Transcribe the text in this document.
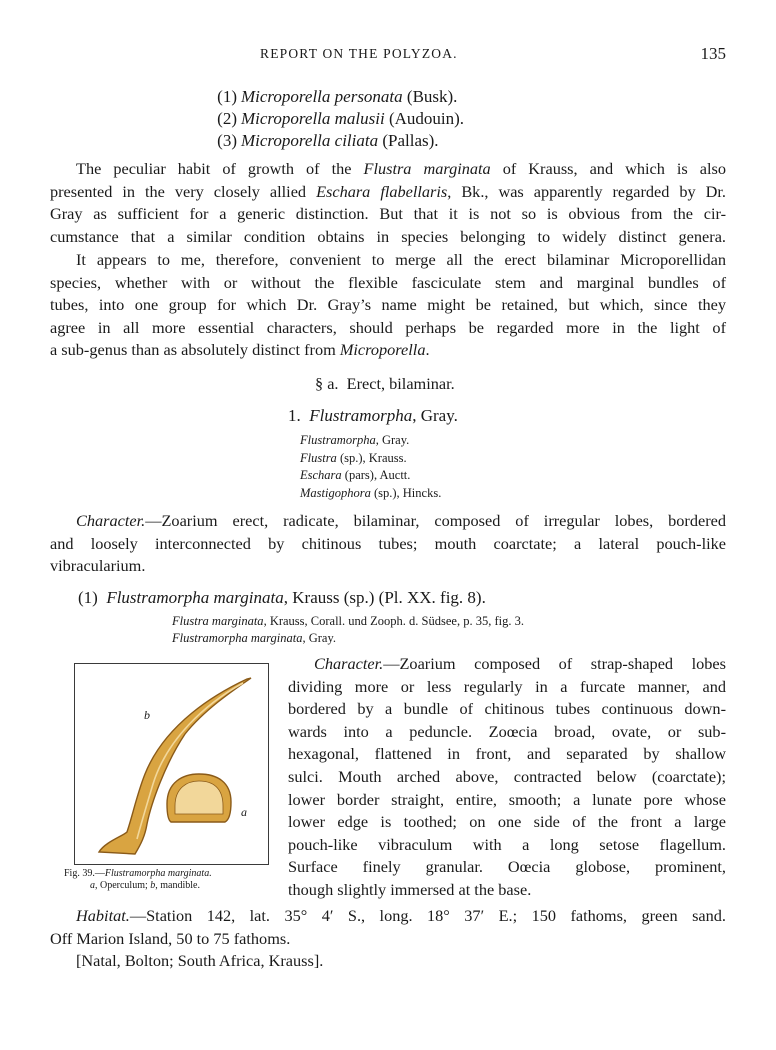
REPORT ON THE POLYZOA.	135
(1) Microporella personata (Busk).
(2) Microporella malusii (Audouin).
(3) Microporella ciliata (Pallas).
The peculiar habit of growth of the Flustra marginata of Krauss, and which is also
presented in the very closely allied Eschara flabellaris, Bk., was apparently regarded by Dr.
Gray as sufficient for a generic distinction. But that it is not so is obvious from the cir-
cumstance that a similar condition obtains in species belonging to widely distinct genera.
It appears to me, therefore, convenient to merge all the erect bilaminar Microporellidan
species, whether with or without the flexible fasciculate stem and marginal bundles of
tubes, into one group for which Dr. Gray’s name might be retained, but which, since they
agree in all more essential characters, should perhaps be regarded more in the light of
a sub-genus than as absolutely distinct from Microporella.
§ a. Erect, bilaminar.
1. Flustramorpha, Gray.
Flustramorpha, Gray.
Flustra (sp.), Krauss.
Eschara (pars), Auctt.
Mastigophora (sp.), Hincks.
Character.—Zoarium erect, radicate, bilaminar, composed of irregular lobes, bordered
and loosely interconnected by chitinous tubes; mouth coarctate; a lateral pouch-like
vibracularium.
(1) Flustramorpha marginata, Krauss (sp.) (Pl. XX. fig. 8).
Flustra marginata, Krauss, Corall. und Zooph. d. Südsee, p. 35, fig. 3.
Flustramorpha marginata, Gray.
b
a
Fig. 39.—Flustramorpha marginata.
a, Operculum; b, mandible.
Character.—Zoarium composed of strap-shaped lobes
dividing more or less regularly in a furcate manner, and
bordered by a bundle of chitinous tubes continuous down-
wards into a peduncle. Zoœcia broad, ovate, or sub-
hexagonal, flattened in front, and separated by shallow
sulci. Mouth arched above, contracted below (coarctate);
lower border straight, entire, smooth; a lunate pore whose
lower edge is toothed; on one side of the front a large
pouch-like vibraculum with a long setose flagellum.
Surface finely granular. Oœcia globose, prominent,
though slightly immersed at the base.
Habitat.—Station 142, lat. 35° 4′ S., long. 18° 37′ E.; 150 fathoms, green sand.
Off Marion Island, 50 to 75 fathoms.
[Natal, Bolton; South Africa, Krauss].
